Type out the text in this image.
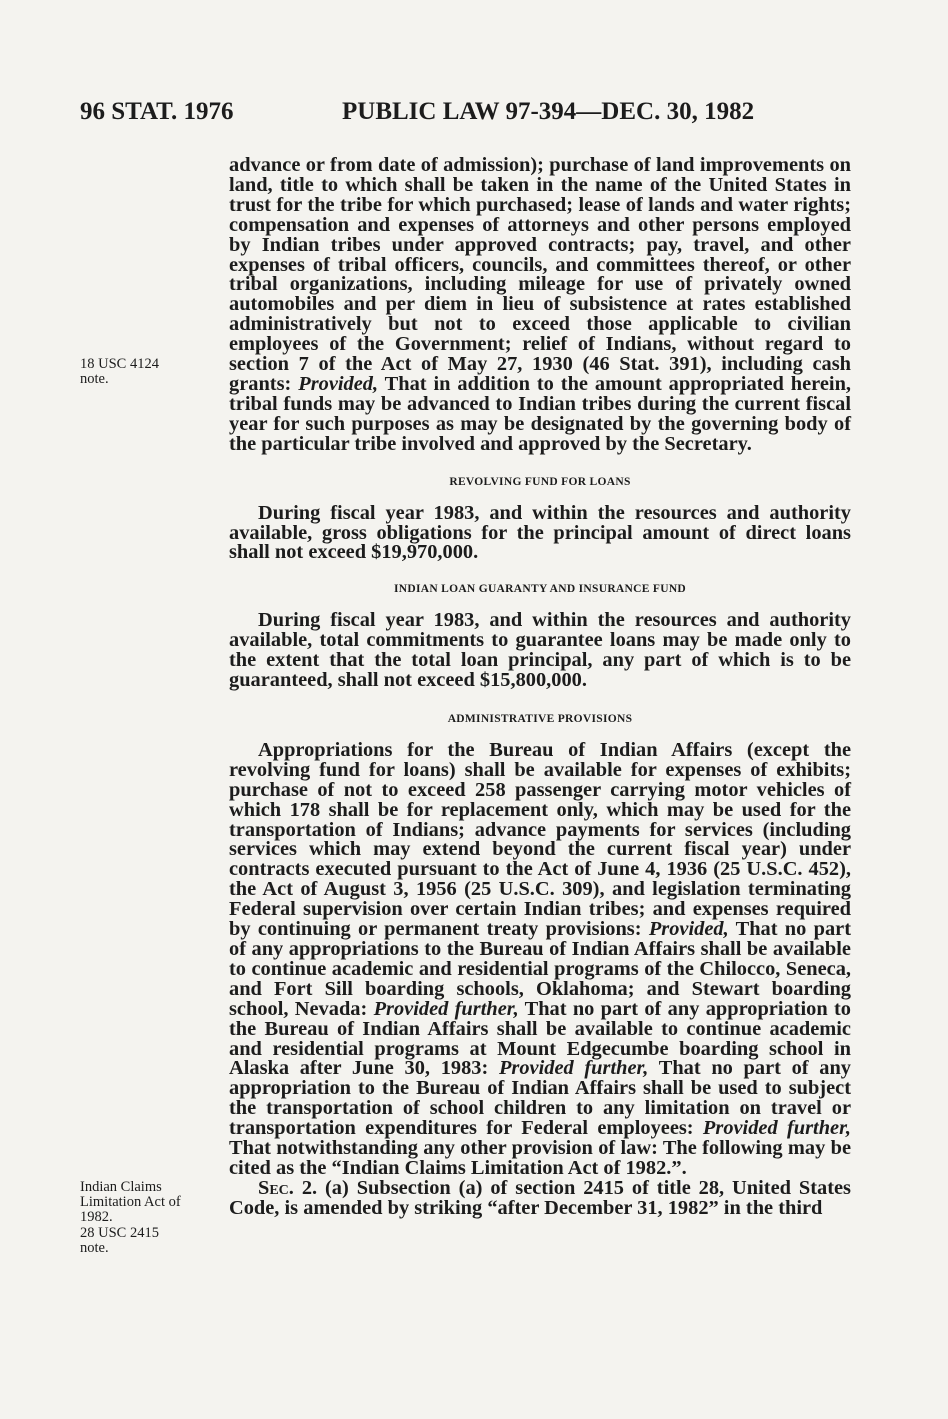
96 STAT. 1976	PUBLIC LAW 97-394—DEC. 30, 1982
18 USC 4124
note.
Indian Claims
Limitation Act of
1982.
28 USC 2415
note.

advance or from date of admission); purchase of land improvements on land, title to which shall be taken in the name of the United States in trust for the tribe for which purchased; lease of lands and water rights; compensation and expenses of attorneys and other persons employed by Indian tribes under approved contracts; pay, travel, and other expenses of tribal officers, councils, and committees thereof, or other tribal organizations, including mileage for use of privately owned automobiles and per diem in lieu of subsistence at rates established administratively but not to exceed those applicable to civilian employees of the Government; relief of Indians, without regard to section 7 of the Act of May 27, 1930 (46 Stat. 391), including cash grants: Provided, That in addition to the amount appropriated herein, tribal funds may be advanced to Indian tribes during the current fiscal year for such purposes as may be designated by the governing body of the particular tribe involved and approved by the Secretary.

REVOLVING FUND FOR LOANS

During fiscal year 1983, and within the resources and authority available, gross obligations for the principal amount of direct loans shall not exceed $19,970,000.

INDIAN LOAN GUARANTY AND INSURANCE FUND

During fiscal year 1983, and within the resources and authority available, total commitments to guarantee loans may be made only to the extent that the total loan principal, any part of which is to be guaranteed, shall not exceed $15,800,000.

ADMINISTRATIVE PROVISIONS

Appropriations for the Bureau of Indian Affairs (except the revolving fund for loans) shall be available for expenses of exhibits; purchase of not to exceed 258 passenger carrying motor vehicles of which 178 shall be for replacement only, which may be used for the transportation of Indians; advance payments for services (including services which may extend beyond the current fiscal year) under contracts executed pursuant to the Act of June 4, 1936 (25 U.S.C. 452), the Act of August 3, 1956 (25 U.S.C. 309), and legislation terminating Federal supervision over certain Indian tribes; and expenses required by continuing or permanent treaty provisions: Provided, That no part of any appropriations to the Bureau of Indian Affairs shall be available to continue academic and residential programs of the Chilocco, Seneca, and Fort Sill boarding schools, Oklahoma; and Stewart boarding school, Nevada: Provided further, That no part of any appropriation to the Bureau of Indian Affairs shall be available to continue academic and residential programs at Mount Edgecumbe boarding school in Alaska after June 30, 1983: Provided further, That no part of any appropriation to the Bureau of Indian Affairs shall be used to subject the transportation of school children to any limitation on travel or transportation expenditures for Federal employees: Provided further, That notwithstanding any other provision of law: The following may be cited as the “Indian Claims Limitation Act of 1982.”.

Sec. 2. (a) Subsection (a) of section 2415 of title 28, United States Code, is amended by striking “after December 31, 1982” in the third
